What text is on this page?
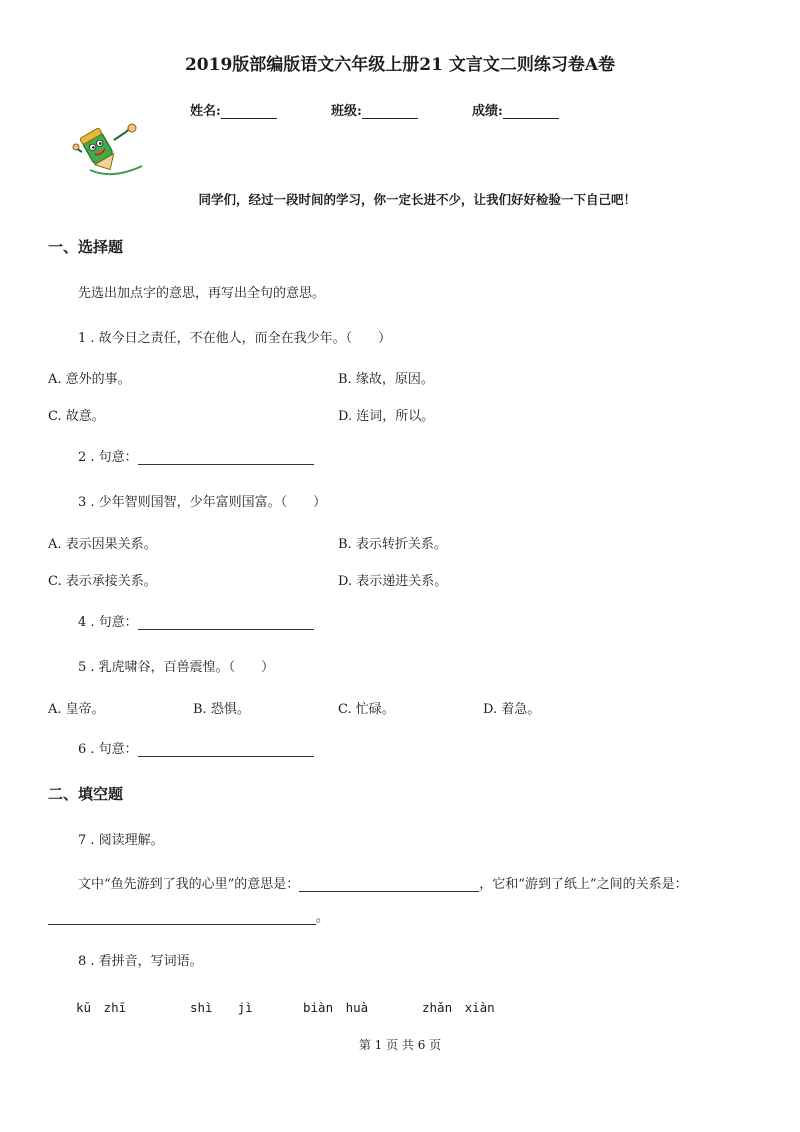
2019版部编版语文六年级上册21 文言文二则练习卷A卷
姓名:	班级:	成绩:
同学们，经过一段时间的学习，你一定长进不少，让我们好好检验一下自己吧！
一、选择题
先选出加点字的意思，再写出全句的意思。
1 . 故今日之责任，不在他人，而全在我少年。（　　）
A. 意外的事。	B. 缘故，原因。
C. 故意。	D. 连词，所以。
2 . 句意：
3 . 少年智则国智，少年富则国富。（　　）
A. 表示因果关系。	B. 表示转折关系。
C. 表示承接关系。	D. 表示递进关系。
4 . 句意：
5 . 乳虎啸谷，百兽震惶。（　　）
A. 皇帝。	B. 恐惧。	C. 忙碌。	D. 着急。
6 . 句意：
二、填空题
7 . 阅读理解。
文中“鱼先游到了我的心里”的意思是：	，它和“游到了纸上”之间的关系是：
。
8 . 看拼音，写词语。
kū　zhī	shì　　jì	biàn　huà	zhǎn　xiàn
第 1 页 共 6 页
